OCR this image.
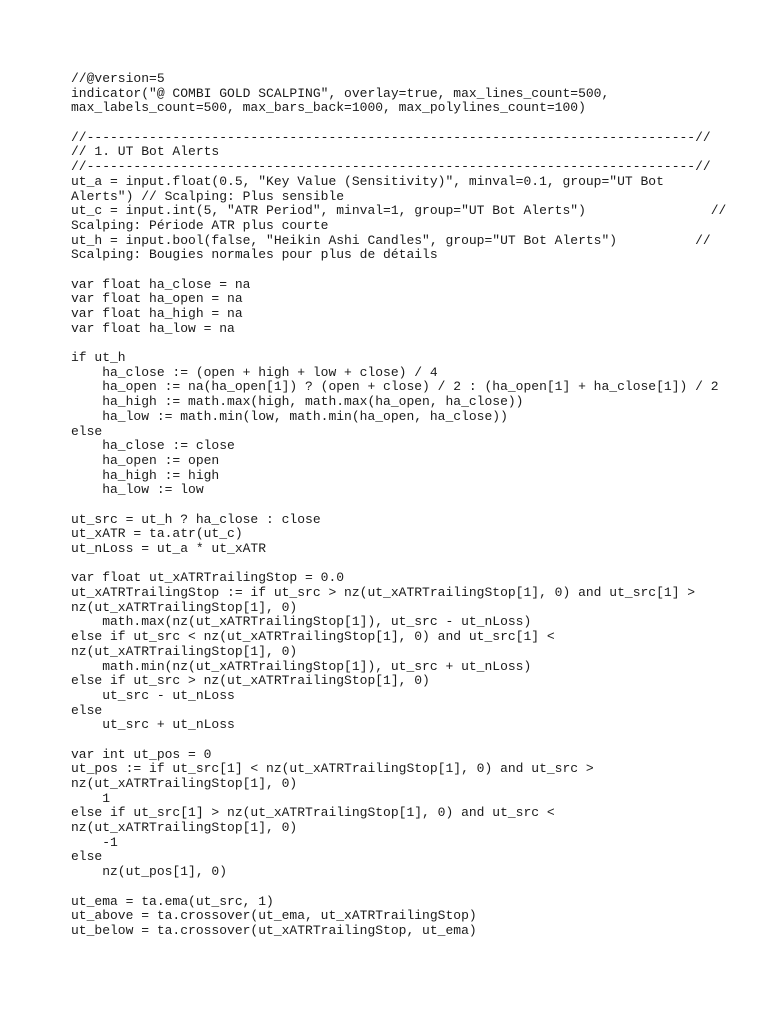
//@version=5
indicator("@ COMBI GOLD SCALPING", overlay=true, max_lines_count=500,
max_labels_count=500, max_bars_back=1000, max_polylines_count=100)
//------------------------------------------------------------------------------//
// 1. UT Bot Alerts
//------------------------------------------------------------------------------//
ut_a = input.float(0.5, "Key Value (Sensitivity)", minval=0.1, group="UT Bot
Alerts") // Scalping: Plus sensible
ut_c = input.int(5, "ATR Period", minval=1, group="UT Bot Alerts")                //
Scalping: Période ATR plus courte
ut_h = input.bool(false, "Heikin Ashi Candles", group="UT Bot Alerts")          //
Scalping: Bougies normales pour plus de détails
var float ha_close = na
var float ha_open = na
var float ha_high = na
var float ha_low = na
if ut_h
ha_close := (open + high + low + close) / 4
ha_open := na(ha_open[1]) ? (open + close) / 2 : (ha_open[1] + ha_close[1]) / 2
ha_high := math.max(high, math.max(ha_open, ha_close))
ha_low := math.min(low, math.min(ha_open, ha_close))
else
ha_close := close
ha_open := open
ha_high := high
ha_low := low
ut_src = ut_h ? ha_close : close
ut_xATR = ta.atr(ut_c)
ut_nLoss = ut_a * ut_xATR
var float ut_xATRTrailingStop = 0.0
ut_xATRTrailingStop := if ut_src > nz(ut_xATRTrailingStop[1], 0) and ut_src[1] >
nz(ut_xATRTrailingStop[1], 0)
math.max(nz(ut_xATRTrailingStop[1]), ut_src - ut_nLoss)
else if ut_src < nz(ut_xATRTrailingStop[1], 0) and ut_src[1] <
nz(ut_xATRTrailingStop[1], 0)
math.min(nz(ut_xATRTrailingStop[1]), ut_src + ut_nLoss)
else if ut_src > nz(ut_xATRTrailingStop[1], 0)
ut_src - ut_nLoss
else
ut_src + ut_nLoss
var int ut_pos = 0
ut_pos := if ut_src[1] < nz(ut_xATRTrailingStop[1], 0) and ut_src >
nz(ut_xATRTrailingStop[1], 0)
1
else if ut_src[1] > nz(ut_xATRTrailingStop[1], 0) and ut_src <
nz(ut_xATRTrailingStop[1], 0)
-1
else
nz(ut_pos[1], 0)
ut_ema = ta.ema(ut_src, 1)
ut_above = ta.crossover(ut_ema, ut_xATRTrailingStop)
ut_below = ta.crossover(ut_xATRTrailingStop, ut_ema)
